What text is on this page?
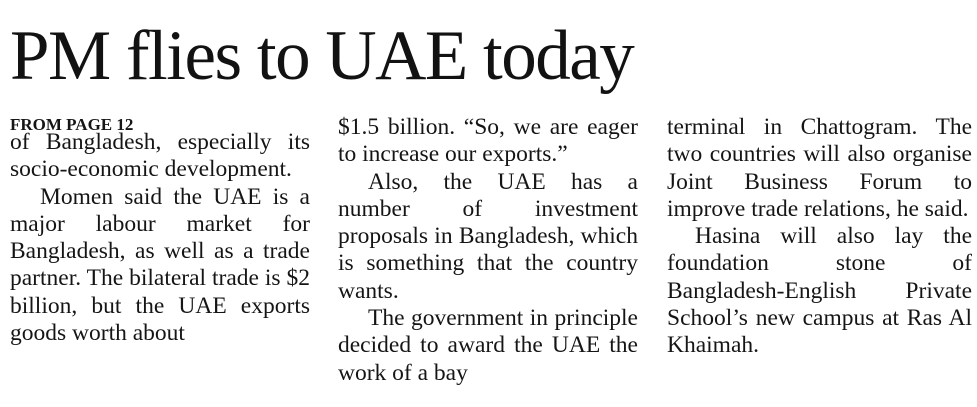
PM flies to UAE today
FROM PAGE 12

of Bangladesh, especially its socio-economic development.

Momen said the UAE is a major labour market for Bangladesh, as well as a trade partner. The bilateral trade is $2 billion, but the UAE exports goods worth about

$1.5 billion. “So, we are eager to increase our exports.”

Also, the UAE has a number of investment proposals in Bangladesh, which is something that the country wants.

The government in principle decided to award the UAE the work of a bay

terminal in Chattogram. The two countries will also organise Joint Business Forum to improve trade relations, he said.

Hasina will also lay the foundation stone of Bangladesh-English Private School’s new campus at Ras Al Khaimah.
